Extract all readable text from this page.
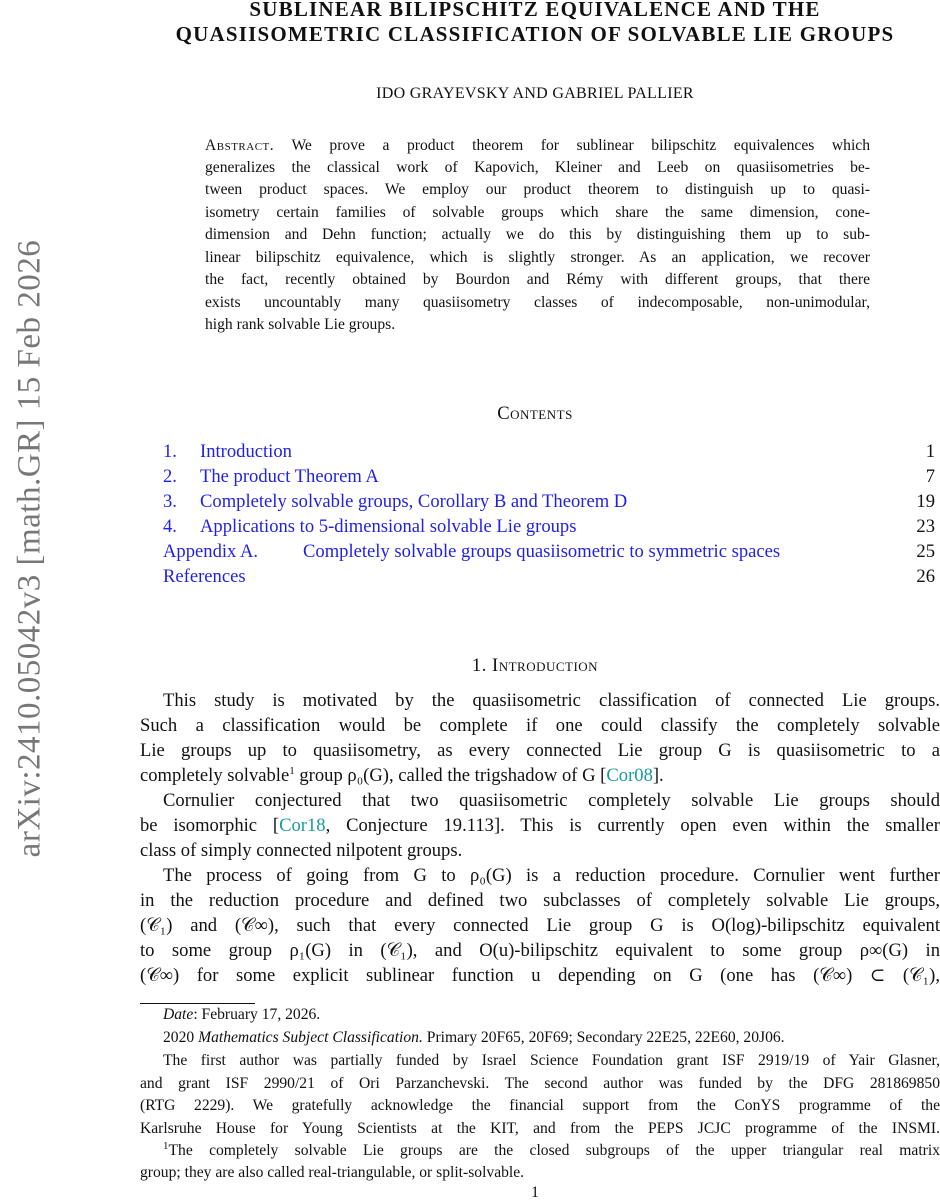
arXiv:2410.05042v3 [math.GR] 15 Feb 2026
SUBLINEAR BILIPSCHITZ EQUIVALENCE AND THE
QUASIISOMETRIC CLASSIFICATION OF SOLVABLE LIE GROUPS
IDO GRAYEVSKY AND GABRIEL PALLIER
Abstract. We prove a product theorem for sublinear bilipschitz equivalences which
generalizes the classical work of Kapovich, Kleiner and Leeb on quasiisometries be-
tween product spaces. We employ our product theorem to distinguish up to quasi-
isometry certain families of solvable groups which share the same dimension, cone-
dimension and Dehn function; actually we do this by distinguishing them up to sub-
linear bilipschitz equivalence, which is slightly stronger. As an application, we recover
the fact, recently obtained by Bourdon and Rémy with different groups, that there
exists uncountably many quasiisometry classes of indecomposable, non-unimodular,
high rank solvable Lie groups.
Contents
1. Introduction	1
2. The product Theorem A	7
3. Completely solvable groups, Corollary B and Theorem D	19
4. Applications to 5-dimensional solvable Lie groups	23
Appendix A. Completely solvable groups quasiisometric to symmetric spaces	25
References	26
1. Introduction
This study is motivated by the quasiisometric classification of connected Lie groups.
Such a classification would be complete if one could classify the completely solvable
Lie groups up to quasiisometry, as every connected Lie group G is quasiisometric to a
completely solvable$^1$ group ρ₀(G), called the trigshadow of G [Cor08].
Cornulier conjectured that two quasiisometric completely solvable Lie groups should
be isomorphic [Cor18, Conjecture 19.113]. This is currently open even within the smaller
class of simply connected nilpotent groups.
The process of going from G to ρ₀(G) is a reduction procedure. Cornulier went further
in the reduction procedure and defined two subclasses of completely solvable Lie groups,
(𝒞₁) and (𝒞∞), such that every connected Lie group G is O(log)-bilipschitz equivalent
to some group ρ₁(G) in (𝒞₁), and O(u)-bilipschitz equivalent to some group ρ∞(G) in
(𝒞∞) for some explicit sublinear function u depending on G (one has (𝒞∞) ⊂ (𝒞₁),
Date: February 17, 2026.
2020 Mathematics Subject Classification. Primary 20F65, 20F69; Secondary 22E25, 22E60, 20J06.
The first author was partially funded by Israel Science Foundation grant ISF 2919/19 of Yair Glasner,
and grant ISF 2990/21 of Ori Parzanchevski. The second author was funded by the DFG 281869850
(RTG 2229). We gratefully acknowledge the financial support from the ConYS programme of the
Karlsruhe House for Young Scientists at the KIT, and from the PEPS JCJC programme of the INSMI.
$^1$The completely solvable Lie groups are the closed subgroups of the upper triangular real matrix
group; they are also called real-triangulable, or split-solvable.
1
